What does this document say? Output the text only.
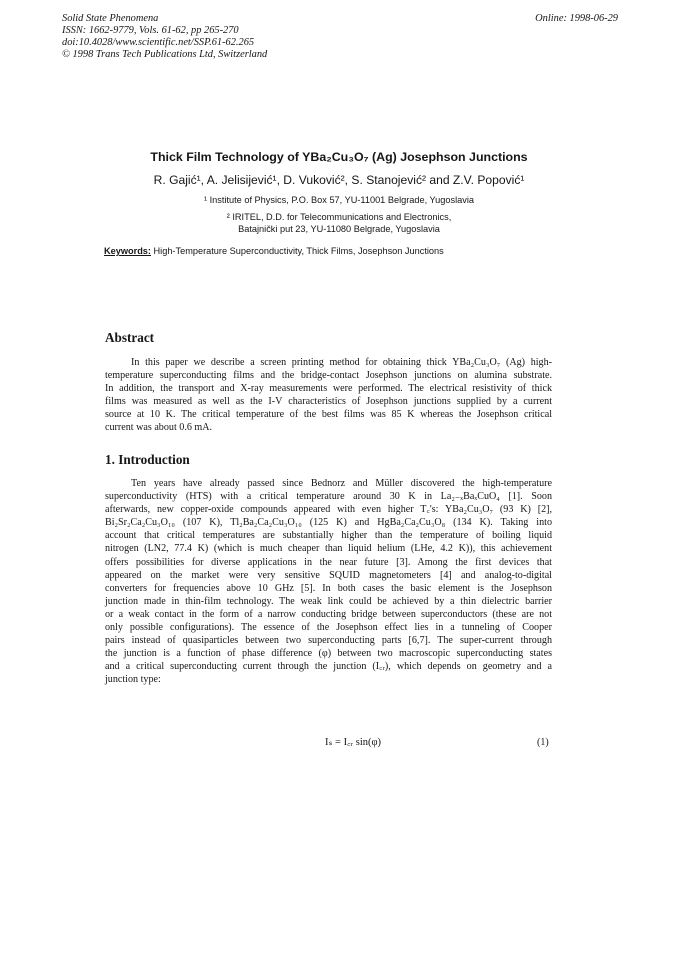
Solid State Phenomena
ISSN: 1662-9779, Vols. 61-62, pp 265-270
doi:10.4028/www.scientific.net/SSP.61-62.265
© 1998 Trans Tech Publications Ltd, Switzerland
Online: 1998-06-29
Thick Film Technology of YBa₂Cu₃O₇ (Ag) Josephson Junctions
R. Gajić¹, A. Jelisijević¹, D. Vuković², S. Stanojević² and Z.V. Popović¹
¹ Institute of Physics, P.O. Box 57, YU-11001 Belgrade, Yugoslavia
² IRITEL, D.D. for Telecommunications and Electronics,
Batajnički put 23, YU-11080 Belgrade, Yugoslavia
Keywords: High-Temperature Superconductivity, Thick Films, Josephson Junctions
Abstract
In this paper we describe a screen printing method for obtaining thick YBa₂Cu₃O₇ (Ag) high-
temperature superconducting films and the bridge-contact Josephson junctions on alumina substrate.
In addition, the transport and X-ray measurements were performed. The electrical resistivity of thick
films was measured as well as the I-V characteristics of Josephson junctions supplied by a current
source at 10 K. The critical temperature of the best films was 85 K whereas the Josephson critical
current was about 0.6 mA.
1. Introduction
Ten years have already passed since Bednorz and Müller discovered the high-temperature
superconductivity (HTS) with a critical temperature around 30 K in La₂₋ₓBaₓCuO₄ [1]. Soon
afterwards, new copper-oxide compounds appeared with even higher T꜀'s: YBa₂Cu₃O₇ (93 K) [2],
Bi₂Sr₂Ca₂Cu₃O₁₀ (107 K), Tl₂Ba₂Ca₂Cu₃O₁₀ (125 K) and HgBa₂Ca₂Cu₃O₈ (134 K). Taking into
account that critical temperatures are substantially higher than the temperature of boiling liquid
nitrogen (LN2, 77.4 K) (which is much cheaper than liquid helium (LHe, 4.2 K)), this achievement
offers possibilities for diverse applications in the near future [3]. Among the first devices that
appeared on the market were very sensitive SQUID magnetometers [4] and analog-to-digital
converters for frequencies above 10 GHz [5]. In both cases the basic element is the Josephson
junction made in thin-film technology. The weak link could be achieved by a thin dielectric barrier
or a weak contact in the form of a narrow conducting bridge between superconductors (these are not
only possible configurations). The essence of the Josephson effect lies in a tunneling of Cooper
pairs instead of quasiparticles between two superconducting parts [6,7]. The super-current through
the junction is a function of phase difference (φ) between two macroscopic superconducting states
and a critical superconducting current through the junction (I꜀ᵣ), which depends on geometry and a
junction type:
Iₛ = I꜀ᵣ sin(φ)	(1)
